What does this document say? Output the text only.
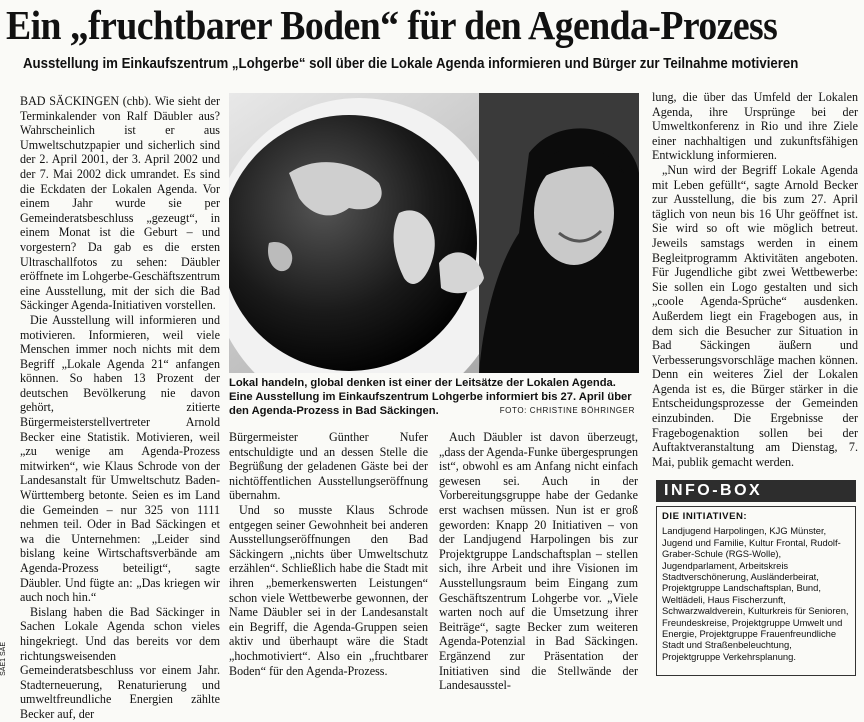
Ein „fruchtbarer Boden“ für den Agenda-Prozess
Ausstellung im Einkaufszentrum „Lohgerbe“ soll über die Lokale Agenda informieren und Bürger zur Teilnahme motivieren

BAD SÄCKINGEN (chb). Wie sieht der Terminkalender von Ralf Däubler aus? Wahrscheinlich ist er aus Umweltschutzpapier und sicherlich sind der 2. April 2001, der 3. April 2002 und der 7. Mai 2002 dick umrandet. Es sind die Eckdaten der Lokalen Agenda. Vor einem Jahr wurde sie per Gemeinderatsbeschluss „gezeugt“, in einem Monat ist die Geburt – und vorgestern? Da gab es die ersten Ultraschallfotos zu sehen: Däubler eröffnete im Lohgerbe-Geschäftszentrum eine Ausstellung, mit der sich die Bad Säckinger Agenda-Initiativen vorstellen.

Die Ausstellung will informieren und motivieren. Informieren, weil viele Menschen immer noch nichts mit dem Begriff „Lokale Agenda 21“ anfangen können. So haben 13 Prozent der deutschen Bevölkerung nie davon gehört, zitierte Bürgermeisterstellvertreter Arnold Becker eine Statistik. Motivieren, weil „zu wenige am Agenda-Prozess mitwirken“, wie Klaus Schrode von der Landesanstalt für Umweltschutz Baden-Württemberg betonte. Seien es im Land die Gemeinden – nur 325 von 1111 nehmen teil. Oder in Bad Säckingen et wa die Unternehmen: „Leider sind bislang keine Wirtschaftsverbände am Agenda-Prozess beteiligt“, sagte Däubler. Und fügte an: „Das kriegen wir auch noch hin.“

Bislang haben die Bad Säckinger in Sachen Lokale Agenda schon vieles hingekriegt. Und das bereits vor dem richtungsweisenden Gemeinderatsbeschluss vor einem Jahr. Stadterneuerung, Renaturierung und umweltfreundliche Energien zählte Becker auf, der

Lokal handeln, global denken ist einer der Leitsätze der Lokalen Agenda. Eine Ausstellung im Einkaufszentrum Lohgerbe informiert bis 27. April über den Agenda-Prozess in Bad Säckingen.	FOTO: CHRISTINE BÖHRINGER

Bürgermeister Günther Nufer entschuldigte und an dessen Stelle die Begrüßung der geladenen Gäste bei der nichtöffentlichen Ausstellungseröffnung übernahm.

Und so musste Klaus Schrode entgegen seiner Gewohnheit bei anderen Ausstellungseröffnungen den Bad Säckingern „nichts über Umweltschutz erzählen“. Schließlich habe die Stadt mit ihren „bemerkenswerten Leistungen“ schon viele Wettbewerbe gewonnen, der Name Däubler sei in der Landesanstalt ein Begriff, die Agenda-Gruppen seien aktiv und überhaupt wäre die Stadt „hochmotiviert“. Also ein „fruchtbarer Boden“ für den Agenda-Prozess.

Auch Däubler ist davon überzeugt, „dass der Agenda-Funke übergesprungen ist“, obwohl es am Anfang nicht einfach gewesen sei. Auch in der Vorbereitungsgruppe habe der Gedanke erst wachsen müssen. Nun ist er groß geworden: Knapp 20 Initiativen – von der Landjugend Harpolingen bis zur Projektgruppe Landschaftsplan – stellen sich, ihre Arbeit und ihre Visionen im Ausstellungsraum beim Eingang zum Geschäftszentrum Lohgerbe vor. „Viele warten noch auf die Umsetzung ihrer Beiträge“, sagte Becker zum weiteren Agenda-Potenzial in Bad Säckingen. Ergänzend zur Präsentation der Initiativen sind die Stellwände der Landesausstel-

lung, die über das Umfeld der Lokalen Agenda, ihre Ursprünge bei der Umweltkonferenz in Rio und ihre Ziele einer nachhaltigen und zukunftsfähigen Entwicklung informieren.

„Nun wird der Begriff Lokale Agenda mit Leben gefüllt“, sagte Arnold Becker zur Ausstellung, die bis zum 27. April täglich von neun bis 16 Uhr geöffnet ist. Sie wird so oft wie möglich betreut. Jeweils samstags werden in einem Begleitprogramm Aktivitäten angeboten. Für Jugendliche gibt zwei Wettbewerbe: Sie sollen ein Logo gestalten und sich „coole Agenda-Sprüche“ ausdenken. Außerdem liegt ein Fragebogen aus, in dem sich die Besucher zur Situation in Bad Säckingen äußern und Verbesserungsvorschläge machen können. Denn ein weiteres Ziel der Lokalen Agenda ist es, die Bürger stärker in die Entscheidungsprozesse der Gemeinden einzubinden. Die Ergebnisse der Fragebogenaktion sollen bei der Auftaktveranstaltung am Dienstag, 7. Mai, publik gemacht werden.

INFO-BOX
DIE INITIATIVEN:
Landjugend Harpolingen, KJG Münster, Jugend und Familie, Kultur Frontal, Rudolf-Graber-Schule (RGS-Wolle), Jugendparlament, Arbeitskreis Stadtverschönerung, Ausländerbeirat, Projektgruppe Landschaftsplan, Bund, Weltlädeli, Haus Fischerzunft, Schwarzwaldverein, Kulturkreis für Senioren, Freundeskreise, Projektgruppe Umwelt und Energie, Projektgruppe Frauenfreundliche Stadt und Straßenbeleuchtung, Projektgruppe Verkehrsplanung.
SAE1 SAE
